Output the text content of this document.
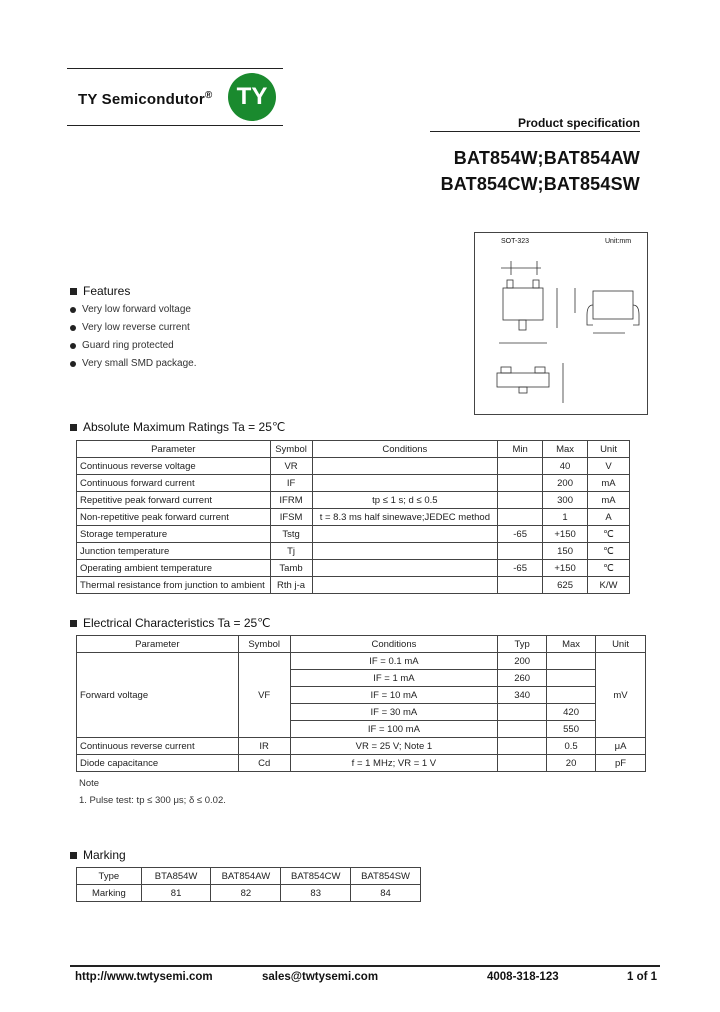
TY Semicondutor® TY
Product specification
BAT854W;BAT854AW
BAT854CW;BAT854SW
SOT-323	Unit:mm
Features
Very low forward voltage
Very low reverse current
Guard ring protected
Very small SMD package.
Absolute Maximum Ratings Ta = 25℃
Parameter	Symbol	Conditions	Min	Max	Unit
Continuous reverse voltage	VR			40	V
Continuous forward current	IF			200	mA
Repetitive peak forward current	IFRM	tp ≤ 1 s; d ≤ 0.5		300	mA
Non-repetitive peak forward current	IFSM	t = 8.3 ms half sinewave;JEDEC method		1	A
Storage temperature	Tstg		-65	+150	℃
Junction temperature	Tj			150	℃
Operating ambient temperature	Tamb		-65	+150	℃
Thermal resistance from junction to ambient	Rth j-a			625	K/W
Electrical Characteristics Ta = 25℃
Parameter	Symbol	Conditions	Typ	Max	Unit
Forward voltage	VF	IF = 0.1 mA	200		mV
		IF = 1 mA	260		
		IF = 10 mA	340		
		IF = 30 mA		420	
		IF = 100 mA		550	
Continuous reverse current	IR	VR = 25 V; Note 1		0.5	μA
Diode capacitance	Cd	f = 1 MHz; VR = 1 V		20	pF
Note
1. Pulse test: tp ≤ 300 μs; δ ≤ 0.02.
Marking
Type	BTA854W	BAT854AW	BAT854CW	BAT854SW
Marking	81	82	83	84
http://www.twtysemi.com	sales@twtysemi.com	4008-318-123	1 of 1
